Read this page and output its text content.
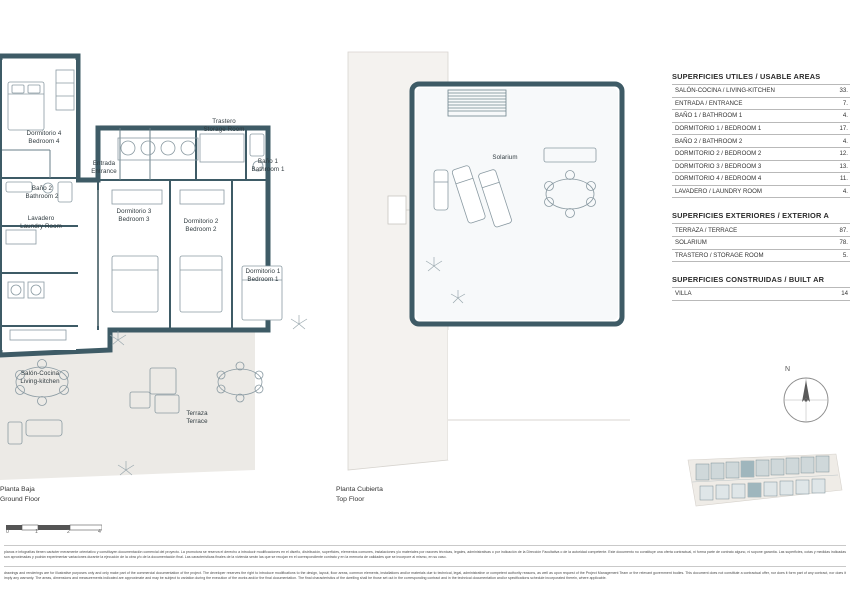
Dormitorio 4
Bedroom 4
Baño 2
Bathroom 2
Lavadero
Laundry Room
Entrada
Entrance
Trastero
Storage Room
Baño 1
Bathroom 1
Dormitorio 3
Bedroom 3	Dormitorio 2
Bedroom 2
Dormitorio 1
Bedroom 1
Salón-Cocina
Living-kitchen
Terraza
Terrace
Planta Baja
Ground Floor
0	1	2	4
Solarium
Planta Cubierta
Top Floor
SUPERFICIES UTILES / USABLE AREAS
SALÓN-COCINA / LIVING-KITCHEN	33.
ENTRADA / ENTRANCE	7.
BAÑO 1 / BATHROOM 1	4.
DORMITORIO 1 / BEDROOM 1	17.
BAÑO 2 / BATHROOM 2	4.
DORMITORIO 2 / BEDROOM 2	12.
DORMITORIO 3 / BEDROOM 3	13.
DORMITORIO 4 / BEDROOM 4	11.
LAVADERO / LAUNDRY ROOM	4.
SUPERFICIES EXTERIORES / EXTERIOR A
TERRAZA / TERRACE	87.
SOLARIUM	78.
TRASTERO / STORAGE ROOM	5.
SUPERFICIES CONSTRUIDAS / BUILT AR
VILLA	14
N

planos e infografías tienen carácter meramente orientativo y constituyen documentación comercial del proyecto. La promotora se reserva el derecho a introducir modificaciones en el diseño, distribución, superficies, elementos comunes, instalaciones y/o materiales por razones técnicas, legales, administrativas o por indicación de la Dirección Facultativa o de la autoridad competente. Este documento no constituye una oferta contractual, ni forma parte de contrato alguno, ni supone garantía. Las superficies, cotas y medidas indicadas son aproximadas y podrán experimentar variaciones durante la ejecución de la obra y/o de la documentación final. Las características finales de la vivienda serán las que se recojan en el correspondiente contrato y en la memoria de calidades que se incorpore al mismo, en su caso.

drawings and renderings are for illustrative purposes only and only make part of the commercial documentation of the project. The developer reserves the right to introduce modifications to the design, layout, floor areas, common elements, installations and/or materials due to technical, legal, administrative or competent authority reasons, as well as upon request of the Project Management Team or the relevant government bodies. This document does not constitute a contractual offer, nor does it form part of any contract, nor does it imply any warranty. The areas, dimensions and measurements indicated are approximate and may be subject to variation during the execution of the works and/or the final documentation. The final characteristics of the dwelling shall be those set out in the corresponding contract and in the technical documentation and/or specifications schedule incorporated therein, where applicable.
